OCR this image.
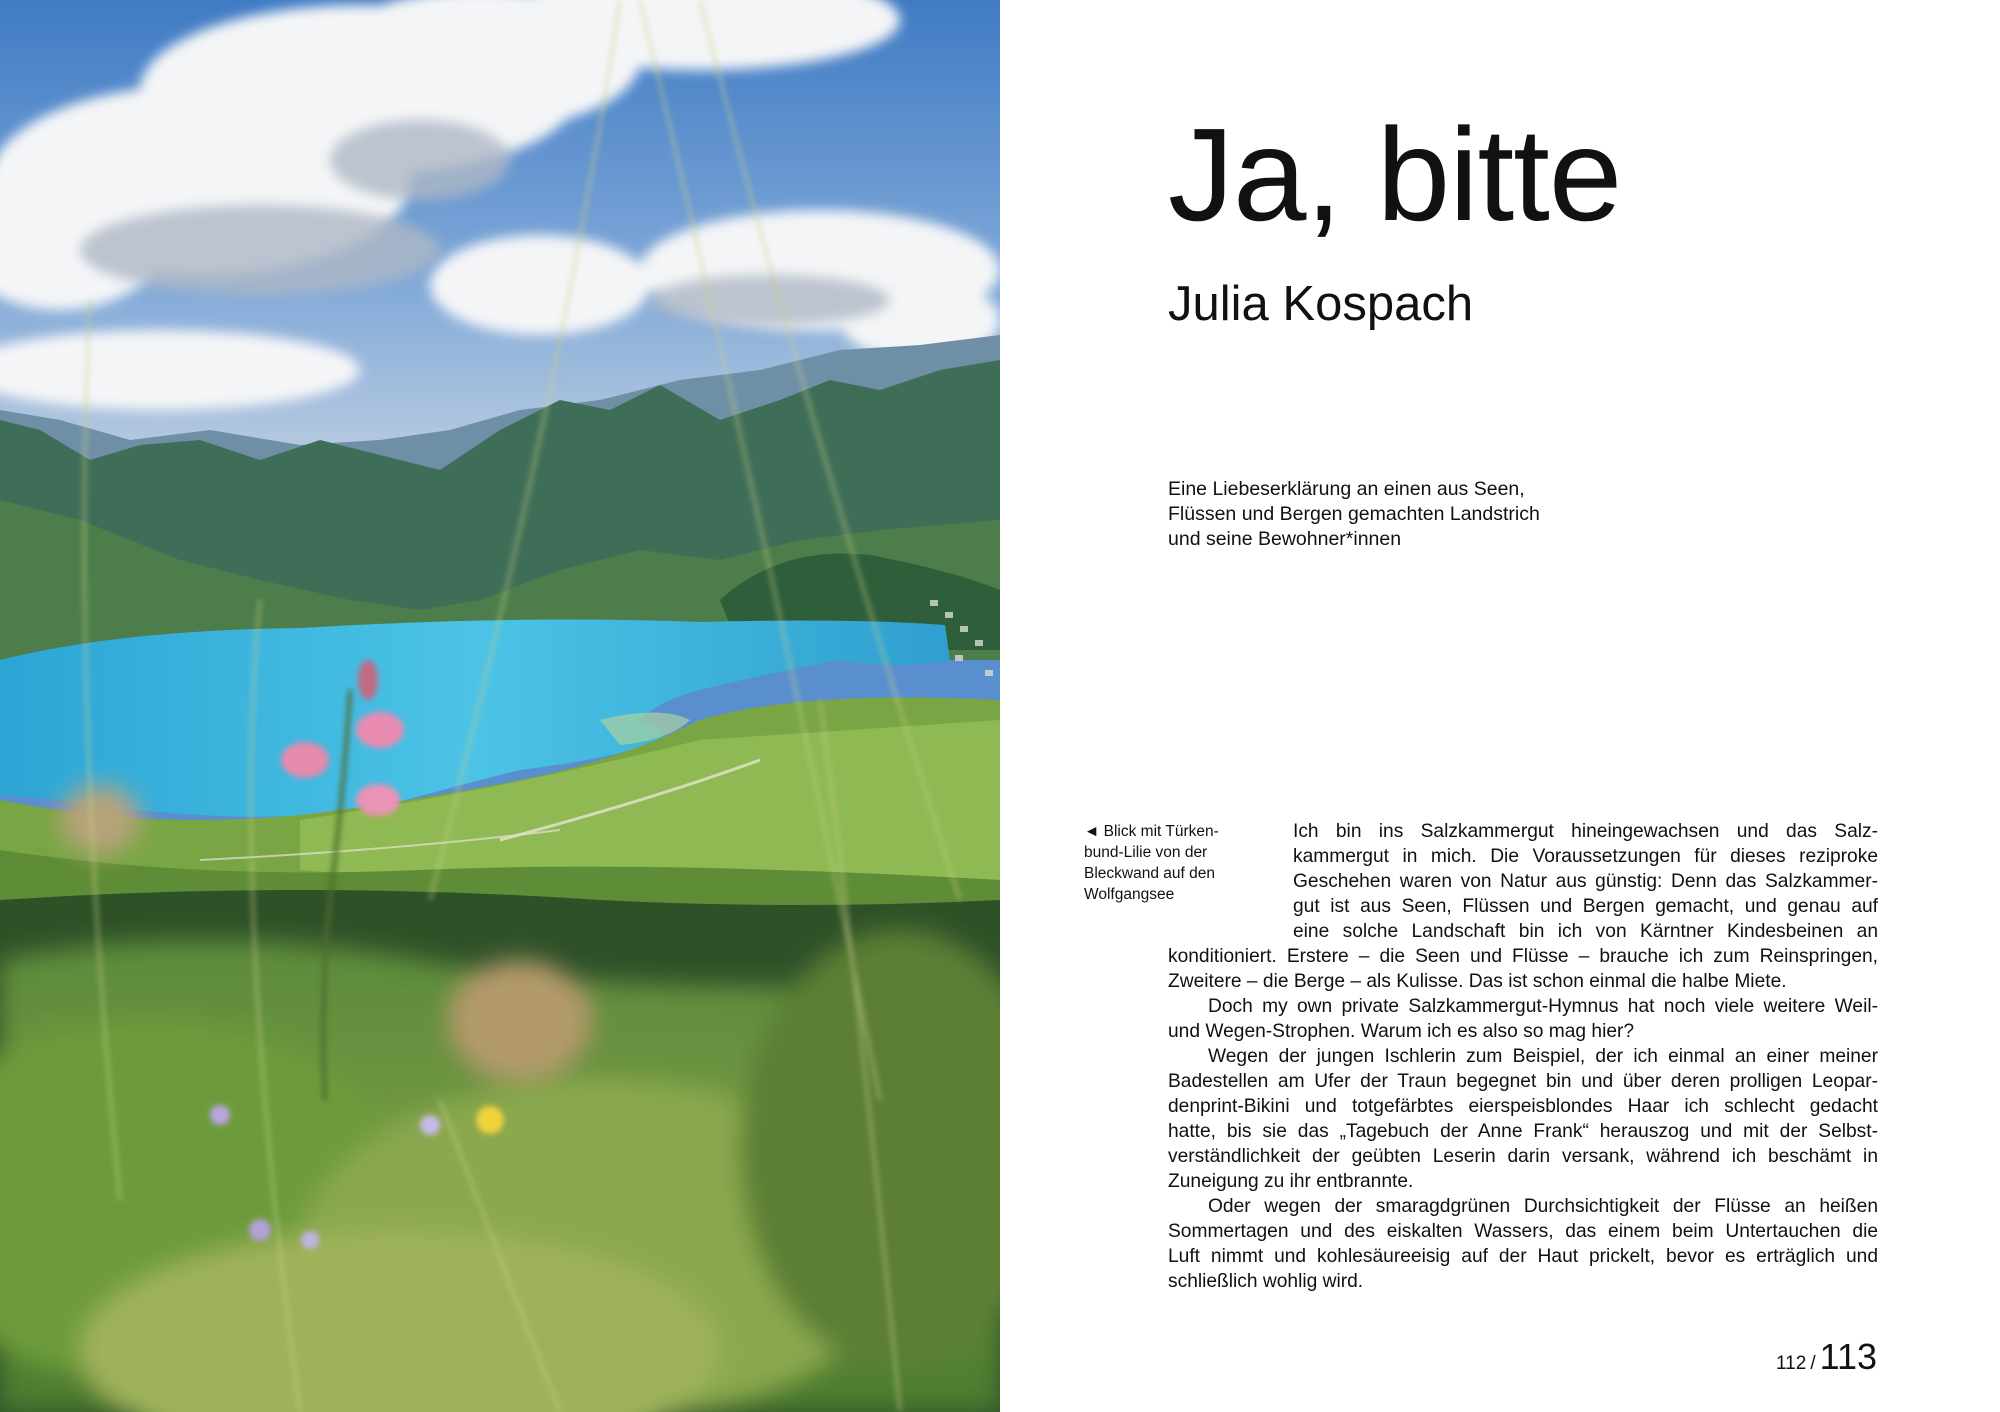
Ja, bitte
Julia Kospach
Eine Liebeserklärung an einen aus Seen,
Flüssen und Bergen gemachten Landstrich
und seine Bewohner*innen
◄ Blick mit Türken-
bund-Lilie von der
Bleckwand auf den
Wolfgangsee
Ich bin ins Salzkammergut hineingewachsen und das Salz-
kammergut in mich. Die Voraussetzungen für dieses reziproke
Geschehen waren von Natur aus günstig: Denn das Salzkammer-
gut ist aus Seen, Flüssen und Bergen gemacht, und genau auf
eine solche Landschaft bin ich von Kärntner Kindesbeinen an
konditioniert. Erstere – die Seen und Flüsse – brauche ich zum Reinspringen,
Zweitere – die Berge – als Kulisse. Das ist schon einmal die halbe Miete.
Doch my own private Salzkammergut-Hymnus hat noch viele weitere Weil-
und Wegen-Strophen. Warum ich es also so mag hier?
Wegen der jungen Ischlerin zum Beispiel, der ich einmal an einer meiner
Badestellen am Ufer der Traun begegnet bin und über deren prolligen Leopar-
denprint-Bikini und totgefärbtes eierspeisblondes Haar ich schlecht gedacht
hatte, bis sie das „Tagebuch der Anne Frank“ herauszog und mit der Selbst-
verständlichkeit der geübten Leserin darin versank, während ich beschämt in
Zuneigung zu ihr entbrannte.
Oder wegen der smaragdgrünen Durchsichtigkeit der Flüsse an heißen
Sommertagen und des eiskalten Wassers, das einem beim Untertauchen die
Luft nimmt und kohlesäureeisig auf der Haut prickelt, bevor es erträglich und
schließlich wohlig wird.
112 / 113
